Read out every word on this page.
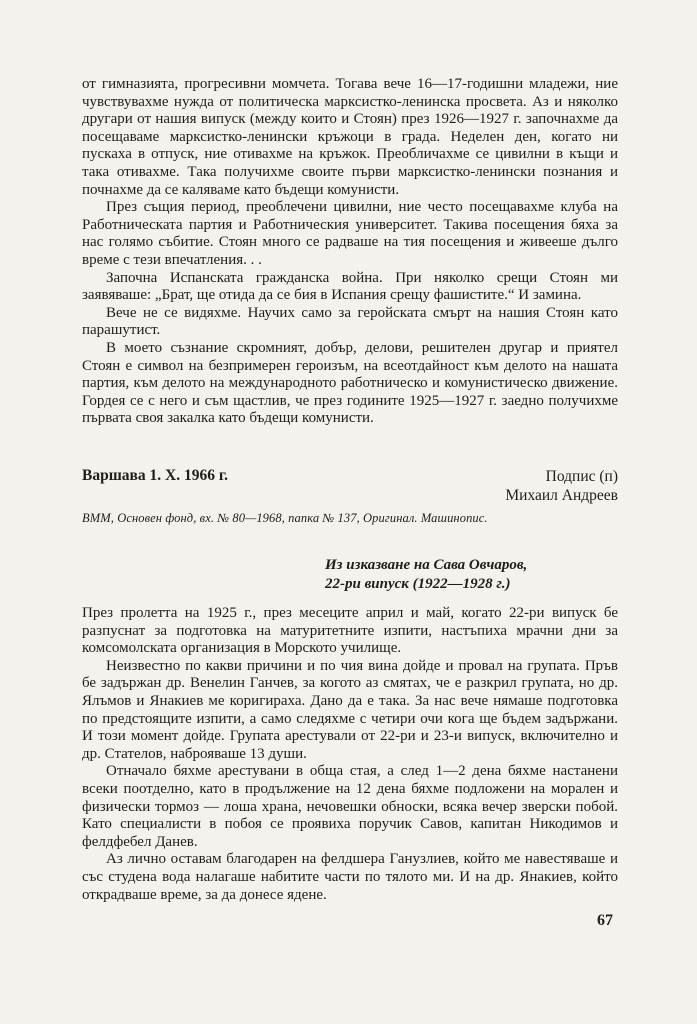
от гимназията, прогресивни момчета. Тогава вече 16—17-годишни младежи, ние чувствувахме нужда от политическа марксистко-ленинска просвета. Аз и няколко другари от нашия випуск (между които и Стоян) през 1926—1927 г. започнахме да посещаваме марксистко-ленински кръжоци в града. Неделен ден, когато ни пускаха в отпуск, ние отивахме на кръжок. Преобличахме се цивилни в къщи и така отивахме. Така получихме своите първи марксистко-ленински познания и почнахме да се каляваме като бъдещи комунисти.

През същия период, преоблечени цивилни, ние често посещавахме клуба на Работническата партия и Работническия университет. Такива посещения бяха за нас голямо събитие. Стоян много се радваше на тия посещения и живееше дълго време с тези впечатления. . .

Започна Испанската гражданска война. При няколко срещи Стоян ми заявяваше: „Брат, ще отида да се бия в Испания срещу фашистите.“ И замина.

Вече не се видяхме. Научих само за геройската смърт на нашия Стоян като парашутист.

В моето съзнание скромният, добър, делови, решителен другар и приятел Стоян е символ на безпримерен героизъм, на всеотдайност към делото на нашата партия, към делото на международното работническо и комунистическо движение. Гордея се с него и съм щастлив, че през годините 1925—1927 г. заедно получихме първата своя закалка като бъдещи комунисти.

Варшава 1. X. 1966 г.	Подпис (п)
Михаил Андреев
ВММ, Основен фонд, вх. № 80—1968, папка № 137, Оригинал. Машинопис.
Из изказване на Сава Овчаров,
22-ри випуск (1922—1928 г.)

През пролетта на 1925 г., през месеците април и май, когато 22-ри випуск бе разпуснат за подготовка на матуритетните изпити, настъпиха мрачни дни за комсомолската организация в Морското училище.

Неизвестно по какви причини и по чия вина дойде и провал на групата. Пръв бе задържан др. Венелин Ганчев, за когото аз смятах, че е разкрил групата, но др. Ялъмов и Янакиев ме коригираха. Дано да е така. За нас вече нямаше подготовка по предстоящите изпити, а само следяхме с четири очи кога ще бъдем задържани. И този момент дойде. Групата арестували от 22-ри и 23-и випуск, включително и др. Стателов, наброяваше 13 души.

Отначало бяхме арестувани в обща стая, а след 1—2 дена бяхме настанени всеки поотделно, като в продължение на 12 дена бяхме подложени на морален и физически тормоз — лоша храна, нечовешки обноски, всяка вечер зверски побой. Като специалисти в побоя се проявиха поручик Савов, капитан Никодимов и фелдфебел Данев.

Аз лично оставам благодарен на фелдшера Ганузлиев, който ме навестяваше и със студена вода налагаше набитите части по тялото ми. И на др. Янакиев, който открадваше време, за да донесе ядене.

67
